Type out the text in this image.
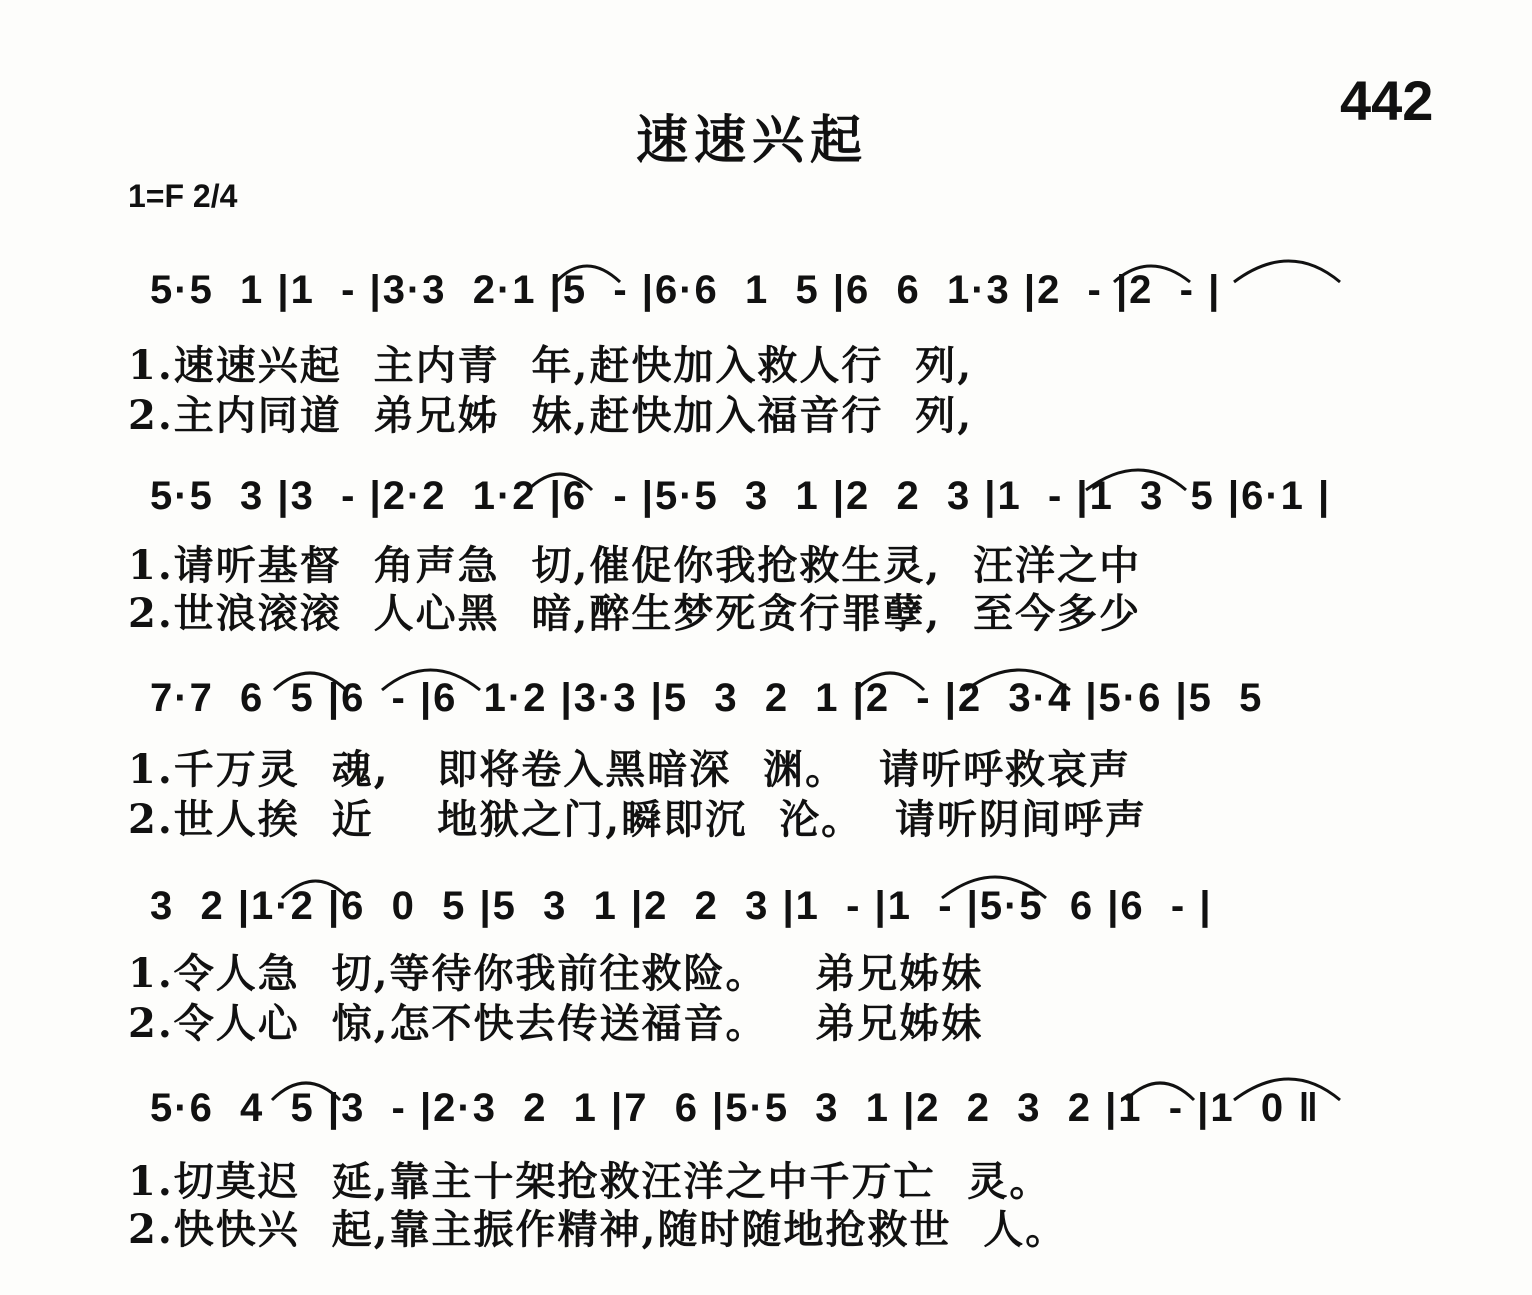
速速兴起
442
1=F 2/4
5·5  1 |1  - |3·3  2·1 |5  - |6·6  1  5 |6  6  1·3 |2  - |2  - |
1.速速兴起  主内青  年,赶快加入救人行  列,
2.主内同道  弟兄姊  妹,赶快加入福音行  列,
5·5  3 |3  - |2·2  1·2 |6  - |5·5  3  1 |2  2  3 |1  - |1  3  5 |6·1 |
1.请听基督  角声急  切,催促你我抢救生灵,  汪洋之中
2.世浪滚滚  人心黑  暗,醉生梦死贪行罪孽,  至今多少
7·7  6  5 |6  - |6  1·2 |3·3 |5  3  2  1 |2  - |2  3·4 |5·6 |5  5
1.千万灵  魂,   即将卷入黑暗深  渊。  请听呼救哀声
2.世人挨  近    地狱之门,瞬即沉  沦。  请听阴间呼声
3  2 |1·2 |6  0  5 |5  3  1 |2  2  3 |1  - |1  - |5·5  6 |6  - |
1.令人急  切,等待你我前往救险。   弟兄姊妹
2.令人心  惊,怎不快去传送福音。   弟兄姊妹
5·6  4  5 |3  - |2·3  2  1 |7  6 |5·5  3  1 |2  2  3  2 |1  - |1  0 ‖
1.切莫迟  延,靠主十架抢救汪洋之中千万亡  灵。
2.快快兴  起,靠主振作精神,随时随地抢救世  人。
